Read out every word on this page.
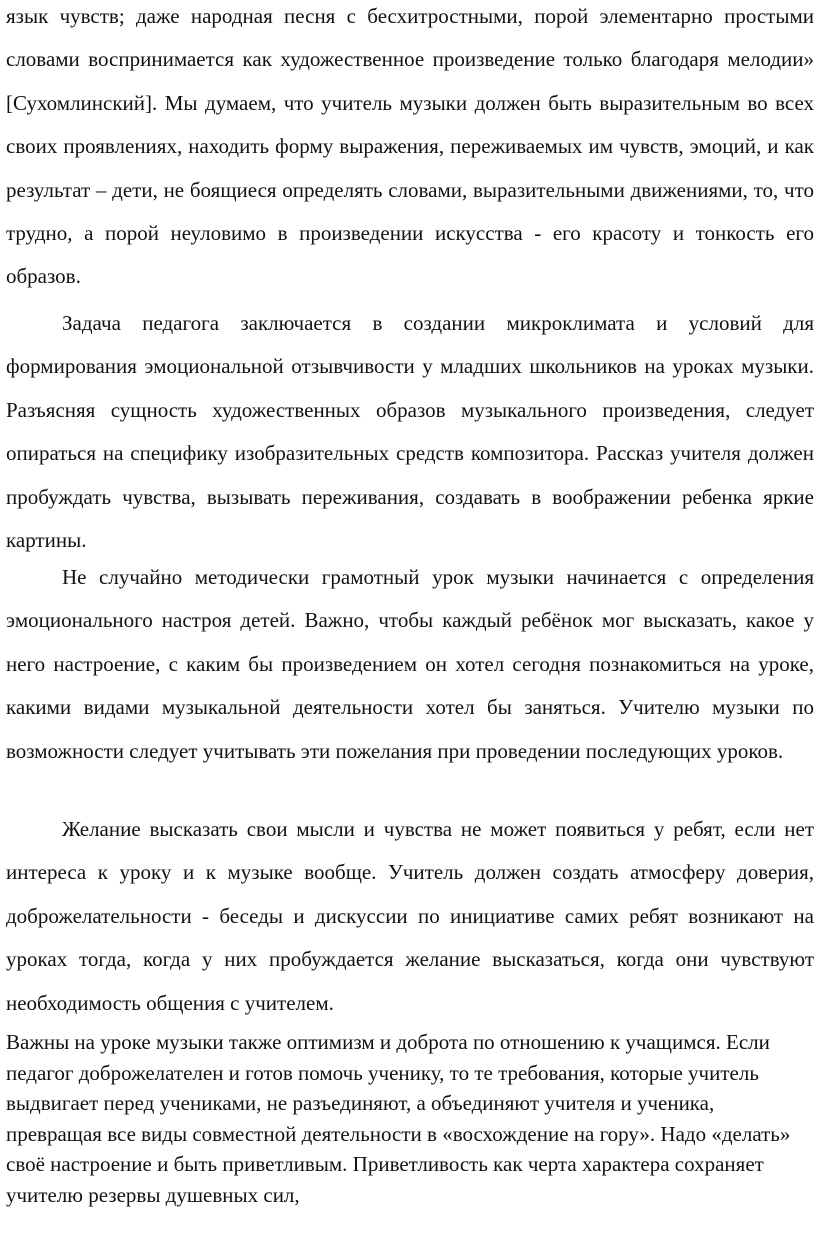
язык чувств; даже народная песня с бесхитростными, порой элементарно простыми словами воспринимается как художественное произведение только благодаря мелодии» [Сухомлинский]. Мы думаем, что учитель музыки должен быть выразительным во всех своих проявлениях, находить форму выражения, переживаемых им чувств, эмоций, и как результат – дети, не боящиеся определять словами, выразительными движениями, то, что трудно, а порой неуловимо в произведении искусства - его красоту и тонкость его образов.

Задача педагога заключается в создании микроклимата и условий для формирования эмоциональной отзывчивости у младших школьников на уроках музыки. Разъясняя сущность художественных образов музыкального произведения, следует опираться на специфику изобразительных средств композитора. Рассказ учителя должен пробуждать чувства, вызывать переживания, создавать в воображении ребенка яркие картины.

Не случайно методически грамотный урок музыки начинается с определения эмоционального настроя детей. Важно, чтобы каждый ребёнок мог высказать, какое у него настроение, с каким бы произведением он хотел сегодня познакомиться на уроке, какими видами музыкальной деятельности хотел бы заняться. Учителю музыки по возможности следует учитывать эти пожелания при проведении последующих уроков.

Желание высказать свои мысли и чувства не может появиться у ребят, если нет интереса к уроку и к музыке вообще. Учитель должен создать атмосферу доверия, доброжелательности - беседы и дискуссии по инициативе самих ребят возникают на уроках тогда, когда у них пробуждается желание высказаться, когда они чувствуют необходимость общения с учителем.

Важны на уроке музыки также оптимизм и доброта по отношению к учащимся. Если педагог доброжелателен и готов помочь ученику, то те требования, которые учитель выдвигает перед учениками, не разъединяют, а объединяют учителя и ученика, превращая все виды совместной деятельности в «восхождение на гору». Надо «делать» своё настроение и быть приветливым. Приветливость как черта характера сохраняет учителю резервы душевных сил,
